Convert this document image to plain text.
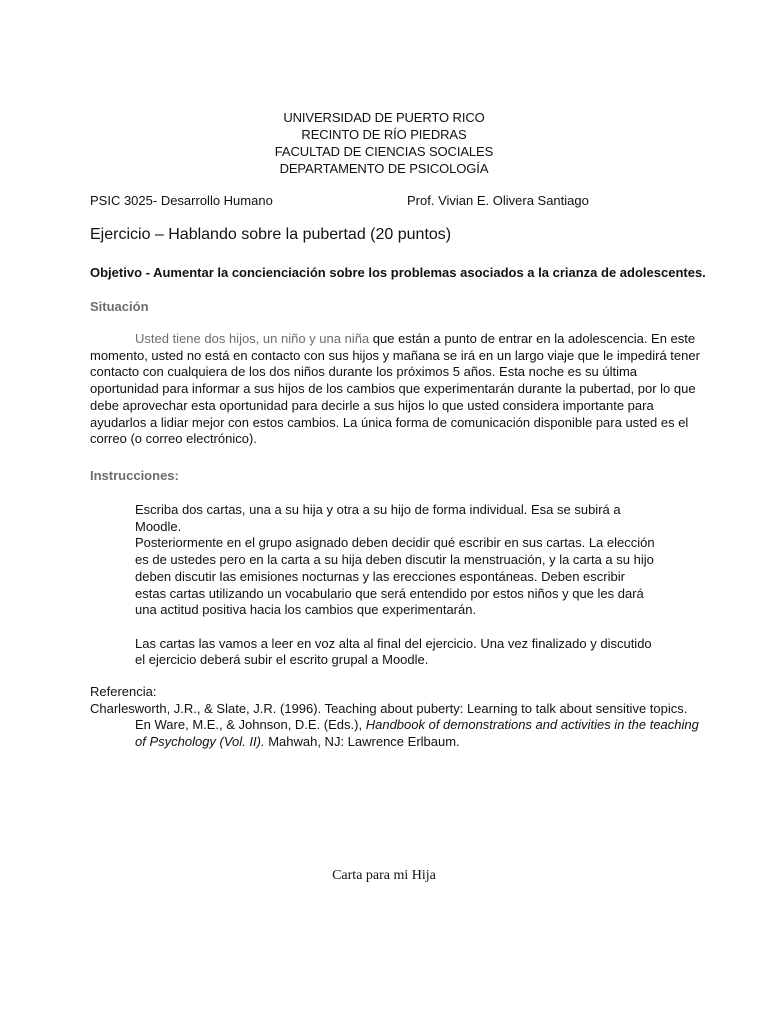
UNIVERSIDAD DE PUERTO RICO
RECINTO DE RÍO PIEDRAS
FACULTAD DE CIENCIAS SOCIALES
DEPARTAMENTO DE PSICOLOGÍA
PSIC 3025- Desarrollo Humano	Prof. Vivian E. Olivera Santiago
Ejercicio – Hablando sobre la pubertad (20 puntos)
Objetivo - Aumentar la concienciación sobre los problemas asociados a la crianza de adolescentes.
Situación
Usted tiene dos hijos, un niño y una niña que están a punto de entrar en la adolescencia. En este
momento, usted no está en contacto con sus hijos y mañana se irá en un largo viaje que le impedirá tener
contacto con cualquiera de los dos niños durante los próximos 5 años. Esta noche es su última
oportunidad para informar a sus hijos de los cambios que experimentarán durante la pubertad, por lo que
debe aprovechar esta oportunidad para decirle a sus hijos lo que usted considera importante para
ayudarlos a lidiar mejor con estos cambios. La única forma de comunicación disponible para usted es el
correo (o correo electrónico).
Instrucciones:
Escriba dos cartas, una a su hija y otra a su hijo de forma individual. Esa se subirá a
Moodle.
Posteriormente en el grupo asignado deben decidir qué escribir en sus cartas. La elección
es de ustedes pero en la carta a su hija deben discutir la menstruación, y la carta a su hijo
deben discutir las emisiones nocturnas y las erecciones espontáneas. Deben escribir
estas cartas utilizando un vocabulario que será entendido por estos niños y que les dará
una actitud positiva hacia los cambios que experimentarán.
Las cartas las vamos a leer en voz alta al final del ejercicio. Una vez finalizado y discutido
el ejercicio deberá subir el escrito grupal a Moodle.
Referencia:
Charlesworth, J.R., & Slate, J.R. (1996). Teaching about puberty: Learning to talk about sensitive topics.
En Ware, M.E., & Johnson, D.E. (Eds.), Handbook of demonstrations and activities in the teaching
of Psychology (Vol. II). Mahwah, NJ: Lawrence Erlbaum.
Carta para mi Hija
